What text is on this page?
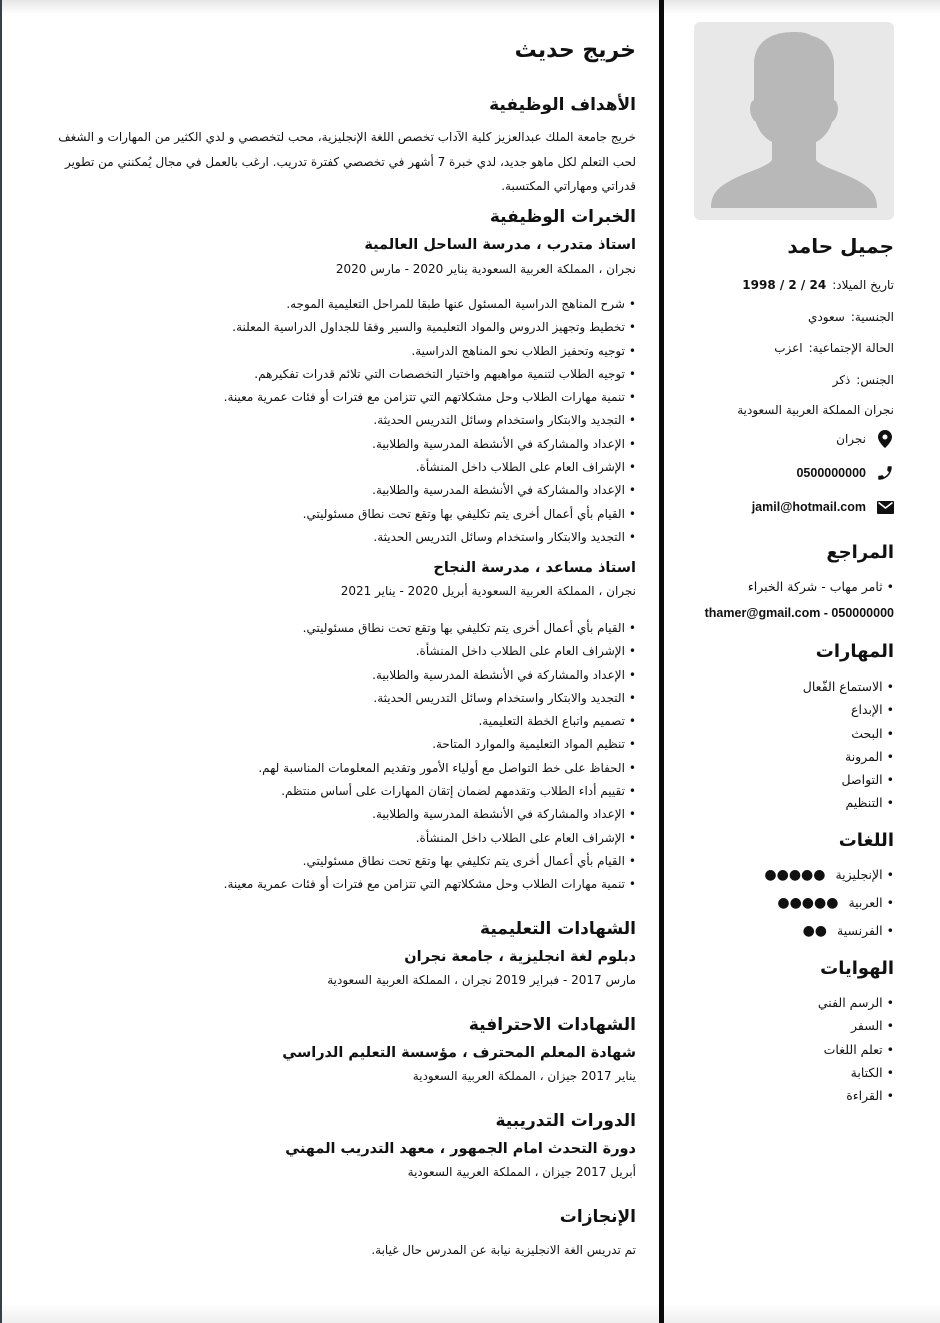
جميل حامد
تاريخ الميلاد:1998 / 2 / 24
الجنسية:سعودي
الحالة الإجتماعية:اعزب
الجنس:ذكر
نجران المملكة العربية السعودية
نجران
0500000000
jamil@hotmail.com
المراجع
• ثامر مهاب - شركة الخبراء
thamer@gmail.com - 050000000
المهارات
• الاستماع الفّعال
• الإبداع
• البحث
• المرونة
• التواصل
• التنظيم
اللغات
• الإنجليزية●●●●●
• العربية●●●●●
• الفرنسية●●
الهوايات
• الرسم الفني
• السفر
• تعلم اللغات
• الكتابة
• القراءة
خريج حديث
الأهداف الوظيفية

خريج جامعة الملك عبدالعزيز كلية الآداب تخصص اللغة الإنجليزية، محب لتخصصي و لدي الكثير من المهارات و الشغف لحب التعلم لكل ماهو جديد، لدي خبرة 7 أشهر في تخصصي كفترة تدريب. ارغب بالعمل في مجال يُمكنني من تطوير قدراتي ومهاراتي المكتسبة.

الخبرات الوظيفية
استاذ متدرب ، مدرسة الساحل العالمية
نجران ، المملكة العربية السعودية يناير 2020 - مارس 2020
• شرح المناهج الدراسية المسئول عنها طبقا للمراحل التعليمية الموجه.
• تخطيط وتجهيز الدروس والمواد التعليمية والسير وفقا للجداول الدراسية المعلنة.
• توجيه وتحفيز الطلاب نحو المناهج الدراسية.
• توجيه الطلاب لتنمية مواهبهم واختيار التخصصات التي تلائم قدرات تفكيرهم.
• تنمية مهارات الطلاب وحل مشكلاتهم التي تتزامن مع فترات أو فئات عمرية معينة.
• التجديد والابتكار واستخدام وسائل التدريس الحديثة.
• الإعداد والمشاركة في الأنشطة المدرسية والطلابية.
• الإشراف العام على الطلاب داخل المنشأة.
• الإعداد والمشاركة في الأنشطة المدرسية والطلابية.
• القيام بأي أعمال أخرى يتم تكليفي بها وتقع تحت نطاق مسئوليتي.
• التجديد والابتكار واستخدام وسائل التدريس الحديثة.
استاذ مساعد ، مدرسة النجاح
نجران ، المملكة العربية السعودية أبريل 2020 - يناير 2021
• القيام بأي أعمال أخرى يتم تكليفي بها وتقع تحت نطاق مسئوليتي.
• الإشراف العام على الطلاب داخل المنشأة.
• الإعداد والمشاركة في الأنشطة المدرسية والطلابية.
• التجديد والابتكار واستخدام وسائل التدريس الحديثة.
• تصميم واتباع الخطة التعليمية.
• تنظيم المواد التعليمية والموارد المتاحة.
• الحفاظ على خط التواصل مع أولياء الأمور وتقديم المعلومات المناسبة لهم.
• تقييم أداء الطلاب وتقدمهم لضمان إتقان المهارات على أساس منتظم.
• الإعداد والمشاركة في الأنشطة المدرسية والطلابية.
• الإشراف العام على الطلاب داخل المنشأة.
• القيام بأي أعمال أخرى يتم تكليفي بها وتقع تحت نطاق مسئوليتي.
• تنمية مهارات الطلاب وحل مشكلاتهم التي تتزامن مع فترات أو فئات عمرية معينة.
الشهادات التعليمية
دبلوم لغة انجليزية ، جامعة نجران
مارس 2017 - فبراير 2019 نجران ، المملكة العربية السعودية
الشهادات الاحترافية
شهادة المعلم المحترف ، مؤسسة التعليم الدراسي
يناير 2017 جيزان ، المملكة العربية السعودية
الدورات التدريبية
دورة التحدث امام الجمهور ، معهد التدريب المهني
أبريل 2017 جيزان ، المملكة العربية السعودية
الإنجازات
تم تدريس الغة الانجليزية نيابة عن المدرس حال غيابة.
